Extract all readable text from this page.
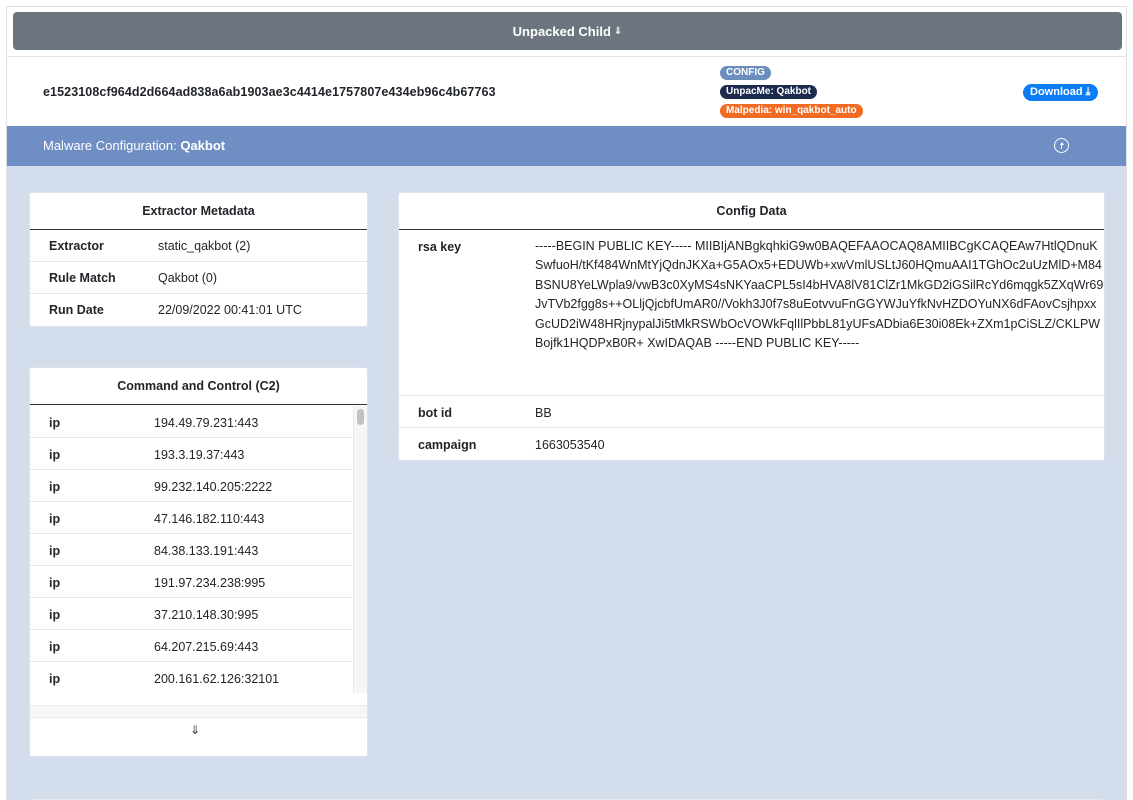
Unpacked Child ⇓
e1523108cf964d2d664ad838a6ab1903ae3c4414e1757807e434eb96c4b67763
CONFIG
UnpacMe: Qakbot
Malpedia: win_qakbot_auto
Download ⤓
Malware Configuration: Qakbot
Extractor Metadata
Extractor	static_qakbot (2)
Rule Match	Qakbot (0)
Run Date	22/09/2022 00:41:01 UTC
Command and Control (C2)
ip	194.49.79.231:443
ip	193.3.19.37:443
ip	99.232.140.205:2222
ip	47.146.182.110:443
ip	84.38.133.191:443
ip	191.97.234.238:995
ip	37.210.148.30:995
ip	64.207.215.69:443
ip	200.161.62.126:32101
⇓
Config Data
rsa key	-----BEGIN PUBLIC KEY----- MIIBIjANBgkqhkiG9w0BAQEFAAOCAQ8AMIIBCgKCAQEAw7HtlQDnuKSwfuoH/tKf484WnMtYjQdnJKXa+G5AOx5+EDUWb+xwVmlUSLtJ60HQmuAAI1TGhOc2uUzMlD+M84BSNU8YeLWpla9/vwB3c0XyMS4sNKYaaCPL5sI4bHVA8lV81ClZr1MkGD2iGSilRcYd6mqgk5ZXqWr69JvTVb2fgg8s++OLljQjcbfUmAR0//Vokh3J0f7s8uEotvvuFnGGYWJuYfkNvHZDOYuNX6dFAovCsjhpxxGcUD2iW48HRjnypalJi5tMkRSWbOcVOWkFqlIlPbbL81yUFsADbia6E30i08Ek+ZXm1pCiSLZ/CKLPWBojfk1HQDPxB0R+ XwIDAQAB -----END PUBLIC KEY-----
bot id	BB
campaign	1663053540
